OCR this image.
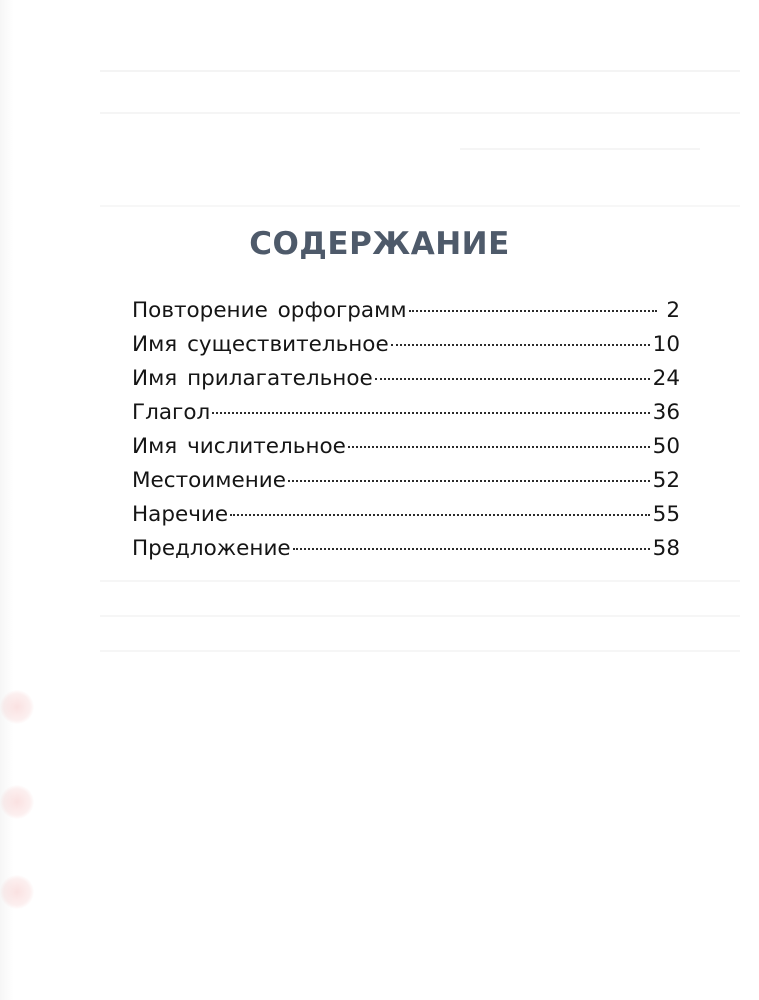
СОДЕРЖАНИЕ
Повторение орфограмм	2
Имя существительное	10
Имя прилагательное	24
Глагол	36
Имя числительное	50
Местоимение	52
Наречие	55
Предложение	58
